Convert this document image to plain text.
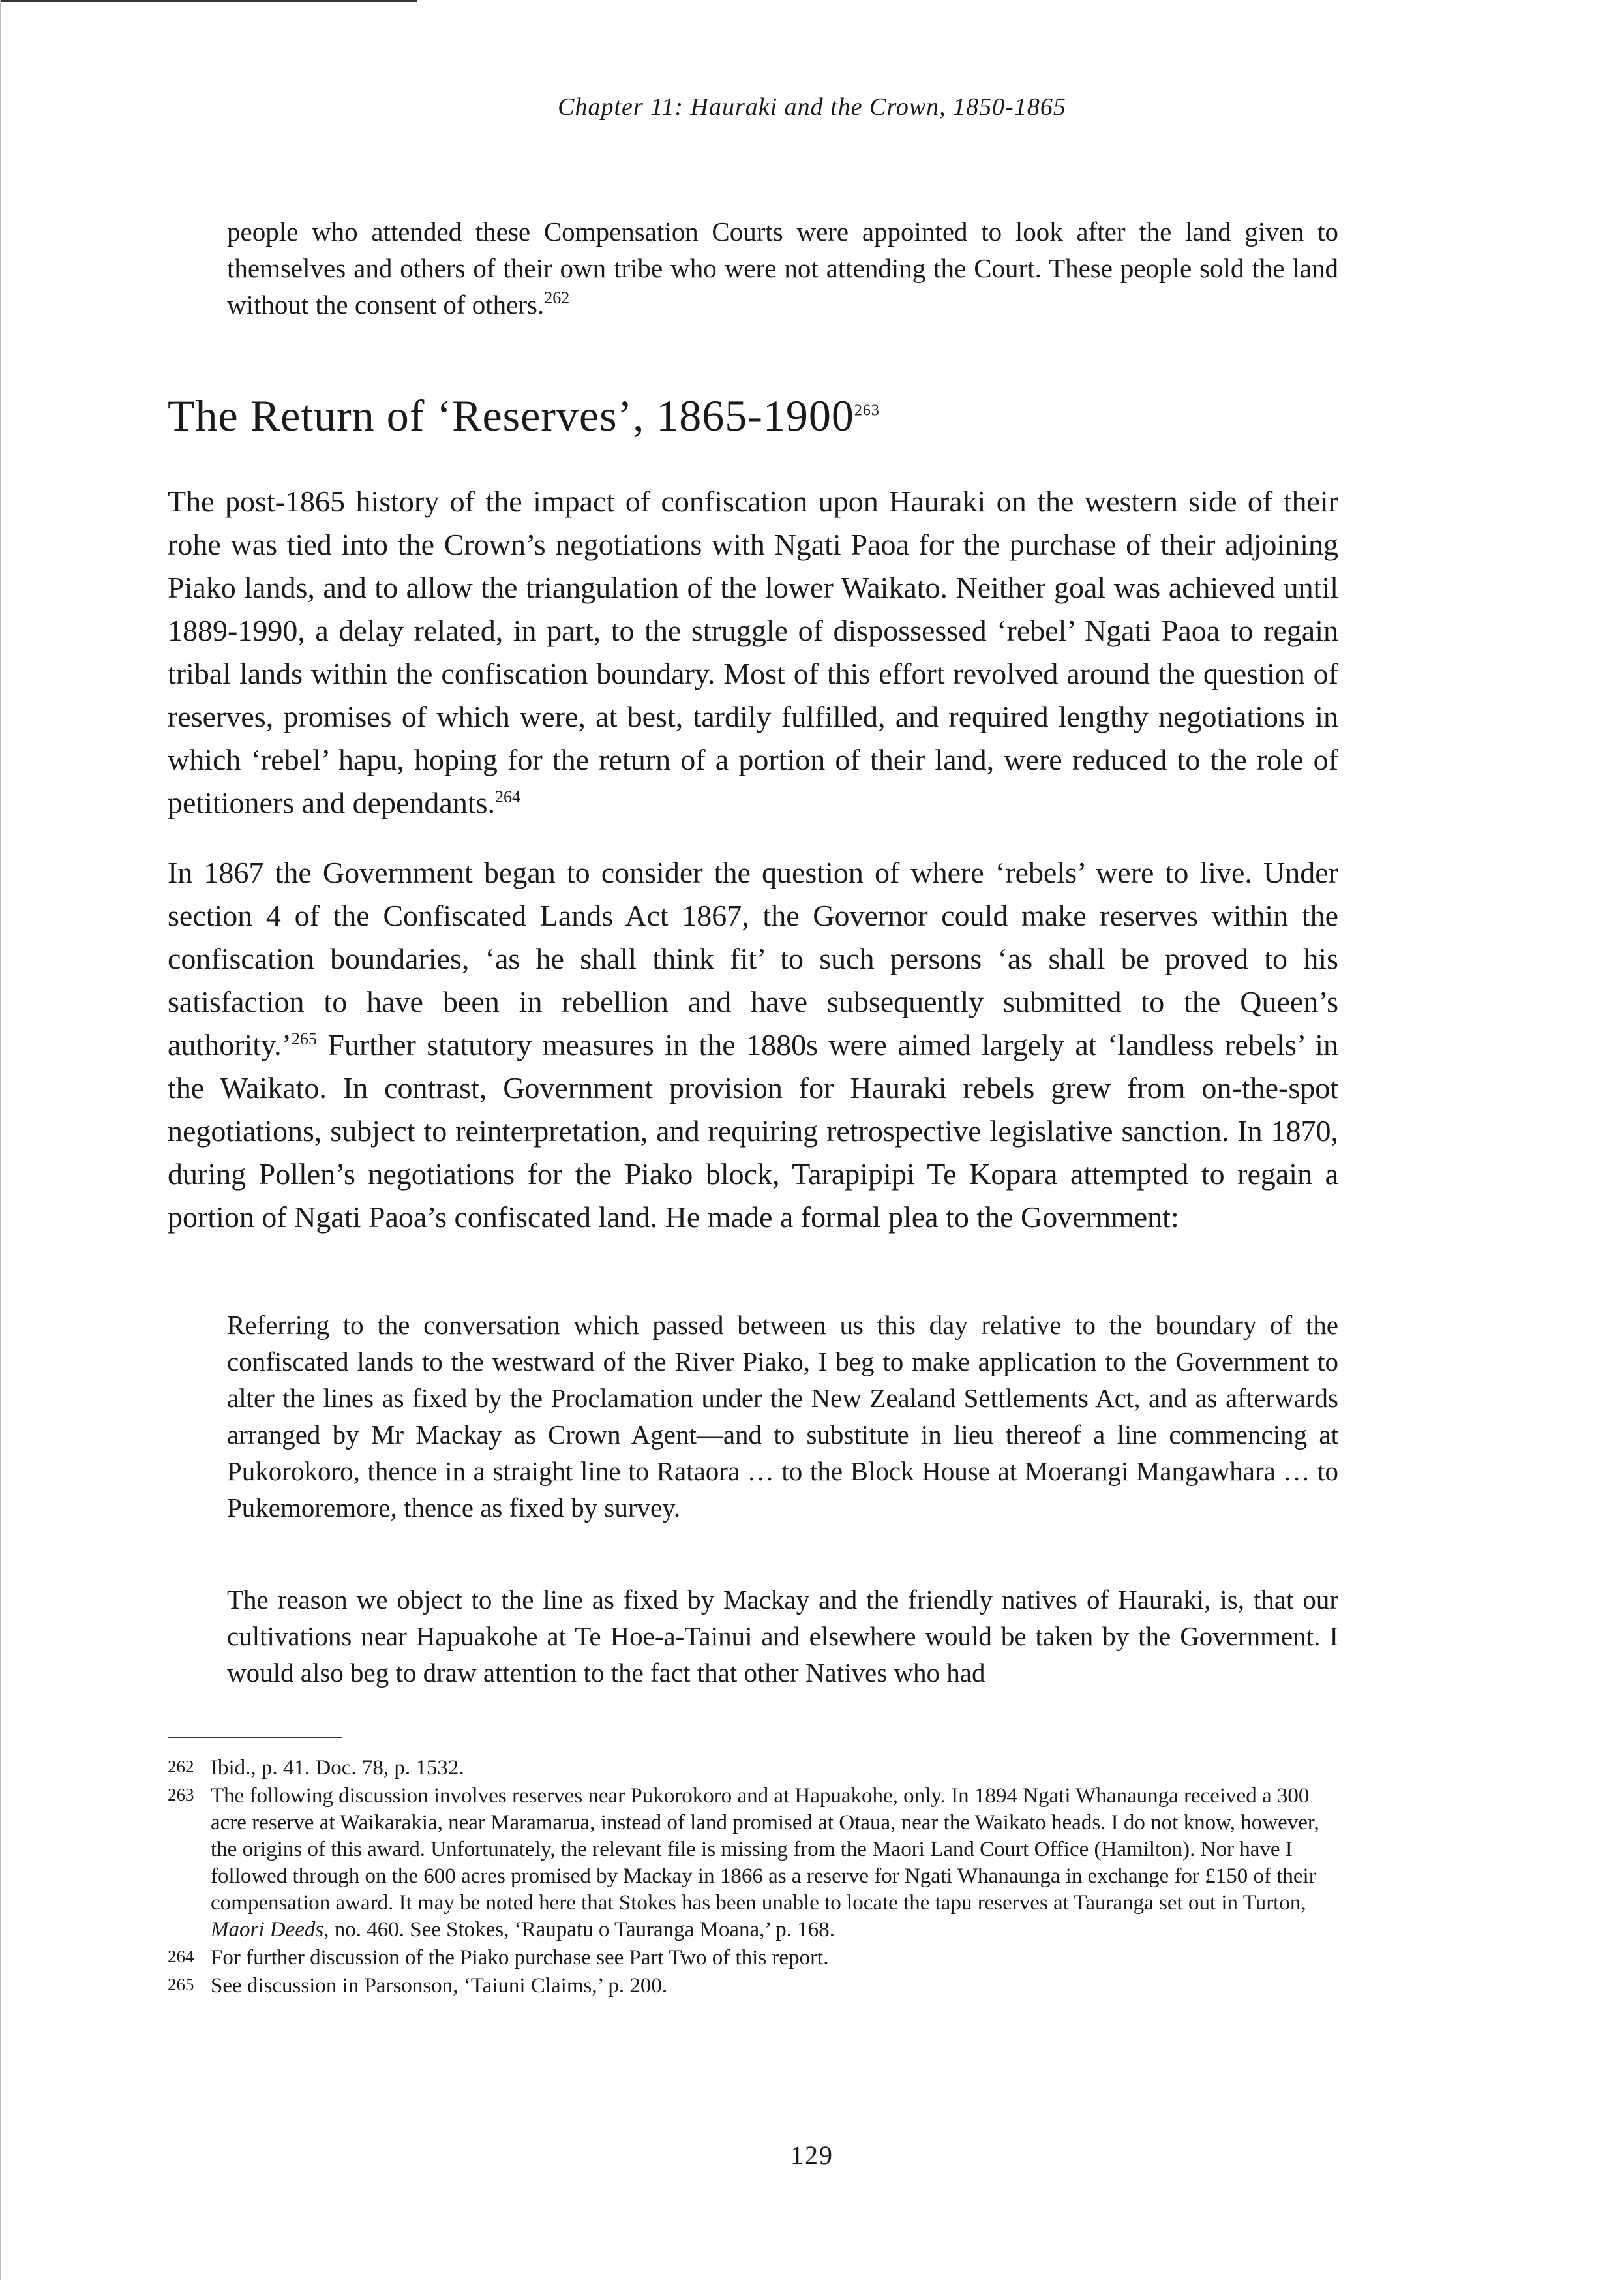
Chapter 11: Hauraki and the Crown, 1850-1865

people who attended these Compensation Courts were appointed to look after the land given to themselves and others of their own tribe who were not attending the Court. These people sold the land without the consent of others.$^{262}$

The Return of ‘Reserves’, 1865-1900$^{263}$

The post-1865 history of the impact of confiscation upon Hauraki on the western side of their rohe was tied into the Crown’s negotiations with Ngati Paoa for the purchase of their adjoining Piako lands, and to allow the triangulation of the lower Waikato. Neither goal was achieved until 1889-1990, a delay related, in part, to the struggle of dispossessed ‘rebel’ Ngati Paoa to regain tribal lands within the confiscation boundary. Most of this effort revolved around the question of reserves, promises of which were, at best, tardily fulfilled, and required lengthy negotiations in which ‘rebel’ hapu, hoping for the return of a portion of their land, were reduced to the role of petitioners and dependants.$^{264}$

In 1867 the Government began to consider the question of where ‘rebels’ were to live. Under section 4 of the Confiscated Lands Act 1867, the Governor could make reserves within the confiscation boundaries, ‘as he shall think fit’ to such persons ‘as shall be proved to his satisfaction to have been in rebellion and have subsequently submitted to the Queen’s authority.’$^{265}$ Further statutory measures in the 1880s were aimed largely at ‘landless rebels’ in the Waikato. In contrast, Government provision for Hauraki rebels grew from on-the-spot negotiations, subject to reinterpretation, and requiring retrospective legislative sanction. In 1870, during Pollen’s negotiations for the Piako block, Tarapipipi Te Kopara attempted to regain a portion of Ngati Paoa’s confiscated land. He made a formal plea to the Government:

Referring to the conversation which passed between us this day relative to the boundary of the confiscated lands to the westward of the River Piako, I beg to make application to the Government to alter the lines as fixed by the Proclamation under the New Zealand Settlements Act, and as afterwards arranged by Mr Mackay as Crown Agent—and to substitute in lieu thereof a line commencing at Pukorokoro, thence in a straight line to Rataora … to the Block House at Moerangi Mangawhara … to Pukemoremore, thence as fixed by survey.

The reason we object to the line as fixed by Mackay and the friendly natives of Hauraki, is, that our cultivations near Hapuakohe at Te Hoe-a-Tainui and elsewhere would be taken by the Government. I would also beg to draw attention to the fact that other Natives who had

262 Ibid., p. 41. Doc. 78, p. 1532.
263 The following discussion involves reserves near Pukorokoro and at Hapuakohe, only. In 1894 Ngati Whanaunga received a 300 acre reserve at Waikarakia, near Maramarua, instead of land promised at Otaua, near the Waikato heads. I do not know, however, the origins of this award. Unfortunately, the relevant file is missing from the Maori Land Court Office (Hamilton). Nor have I followed through on the 600 acres promised by Mackay in 1866 as a reserve for Ngati Whanaunga in exchange for £150 of their compensation award. It may be noted here that Stokes has been unable to locate the tapu reserves at Tauranga set out in Turton, Maori Deeds, no. 460. See Stokes, ‘Raupatu o Tauranga Moana,’ p. 168.
264 For further discussion of the Piako purchase see Part Two of this report.
265 See discussion in Parsonson, ‘Taiuni Claims,’ p. 200.
129
